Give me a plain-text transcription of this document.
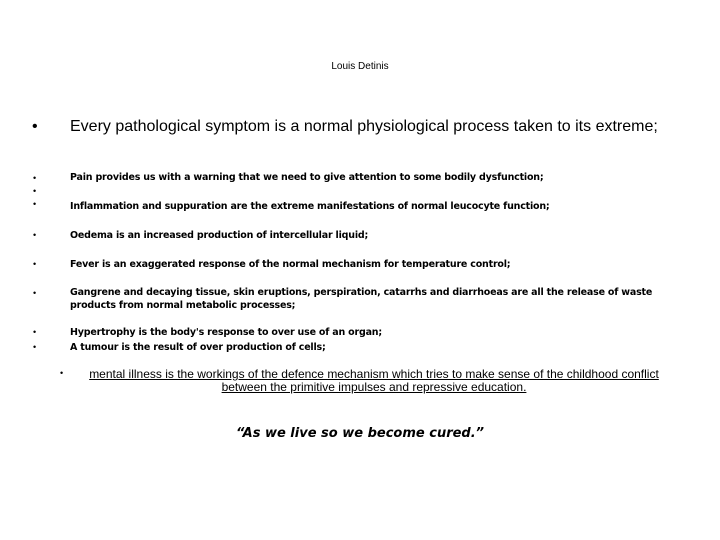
Louis Detinis
• Every pathological symptom is a normal physiological process taken to its extreme;
•
•
•
•
•
•
•
•
Pain provides us with a warning that we need to give attention to some bodily dysfunction;
Inflammation and suppuration are the extreme manifestations of normal leucocyte function;
Oedema is an increased production of intercellular liquid;
Fever is an exaggerated response of the normal mechanism for temperature control;
Gangrene and decaying tissue, skin eruptions, perspiration, catarrhs and diarrhoeas are all the release of waste products from normal metabolic processes;
Hypertrophy is the body's response to over use of an organ;
A tumour is the result of over production of cells;
•	mental illness is the workings of the defence mechanism which tries to make sense of the childhood conflict between the primitive impulses and repressive education.
“As we live so we become cured.”
